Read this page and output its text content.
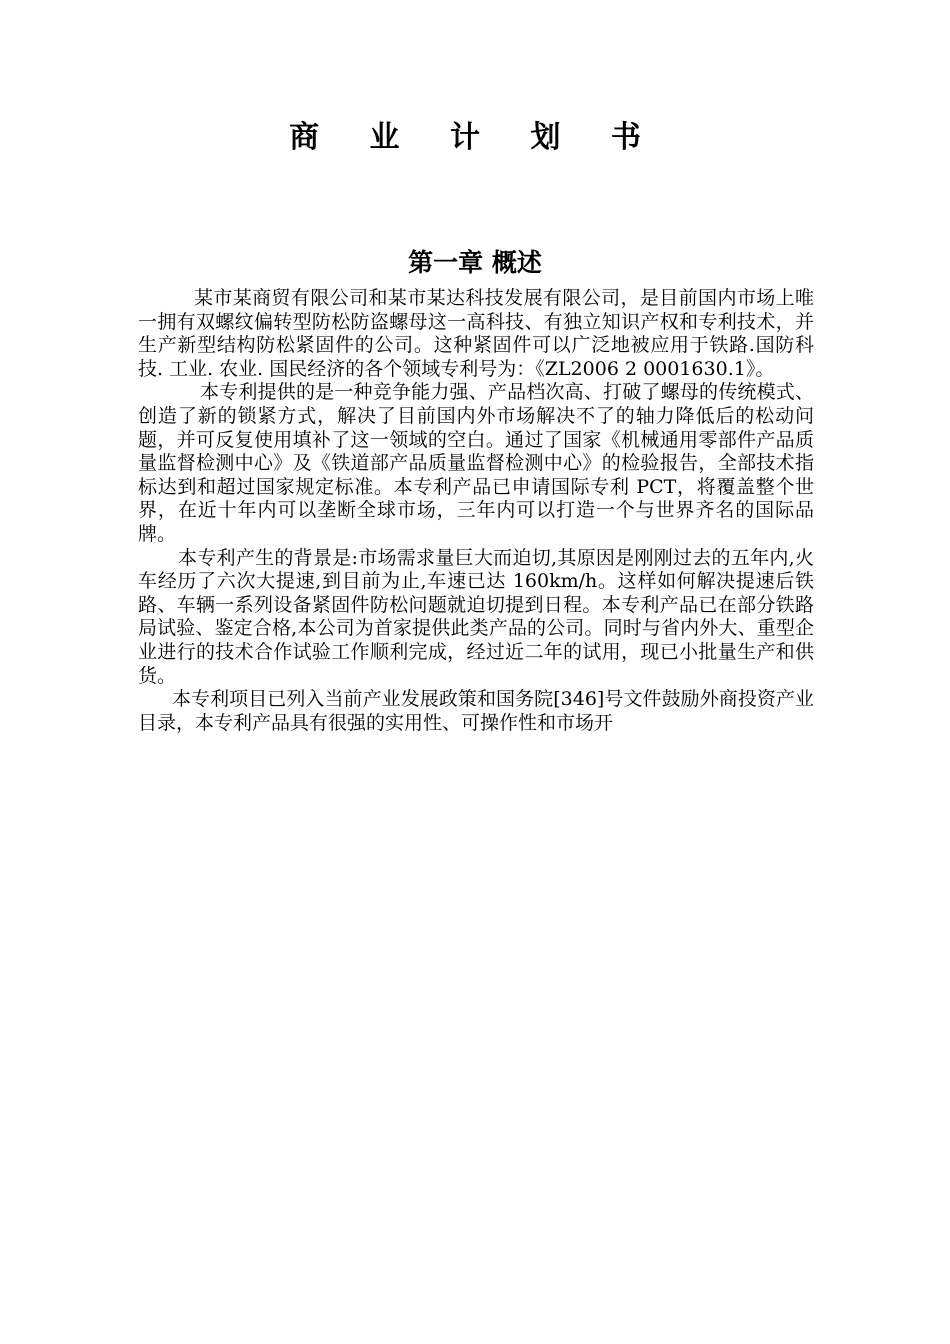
商 业 计 划 书
第一章 概述

某市某商贸有限公司和某市某达科技发展有限公司，是目前国内市场上唯一拥有双螺纹偏转型防松防盗螺母这一高科技、有独立知识产权和专利技术，并生产新型结构防松紧固件的公司。这种紧固件可以广泛地被应用于铁路.国防科技. 工业. 农业. 国民经济的各个领域专利号为：《ZL2006 2 0001630.1》。

本专利提供的是一种竞争能力强、产品档次高、打破了螺母的传统模式、创造了新的锁紧方式，解决了目前国内外市场解决不了的轴力降低后的松动问题，并可反复使用填补了这一领域的空白。通过了国家《机械通用零部件产品质量监督检测中心》及《铁道部产品质量监督检测中心》的检验报告，全部技术指标达到和超过国家规定标准。本专利产品已申请国际专利 PCT，将覆盖整个世界，在近十年内可以垄断全球市场，三年内可以打造一个与世界齐名的国际品牌。

本专利产生的背景是:市场需求量巨大而迫切,其原因是刚刚过去的五年内,火车经历了六次大提速,到目前为止,车速已达 160km/h。这样如何解决提速后铁路、车辆一系列设备紧固件防松问题就迫切提到日程。本专利产品已在部分铁路局试验、鉴定合格,本公司为首家提供此类产品的公司。同时与省内外大、重型企业进行的技术合作试验工作顺利完成，经过近二年的试用，现已小批量生产和供货。

本专利项目已列入当前产业发展政策和国务院[346]号文件鼓励外商投资产业目录，本专利产品具有很强的实用性、可操作性和市场开
